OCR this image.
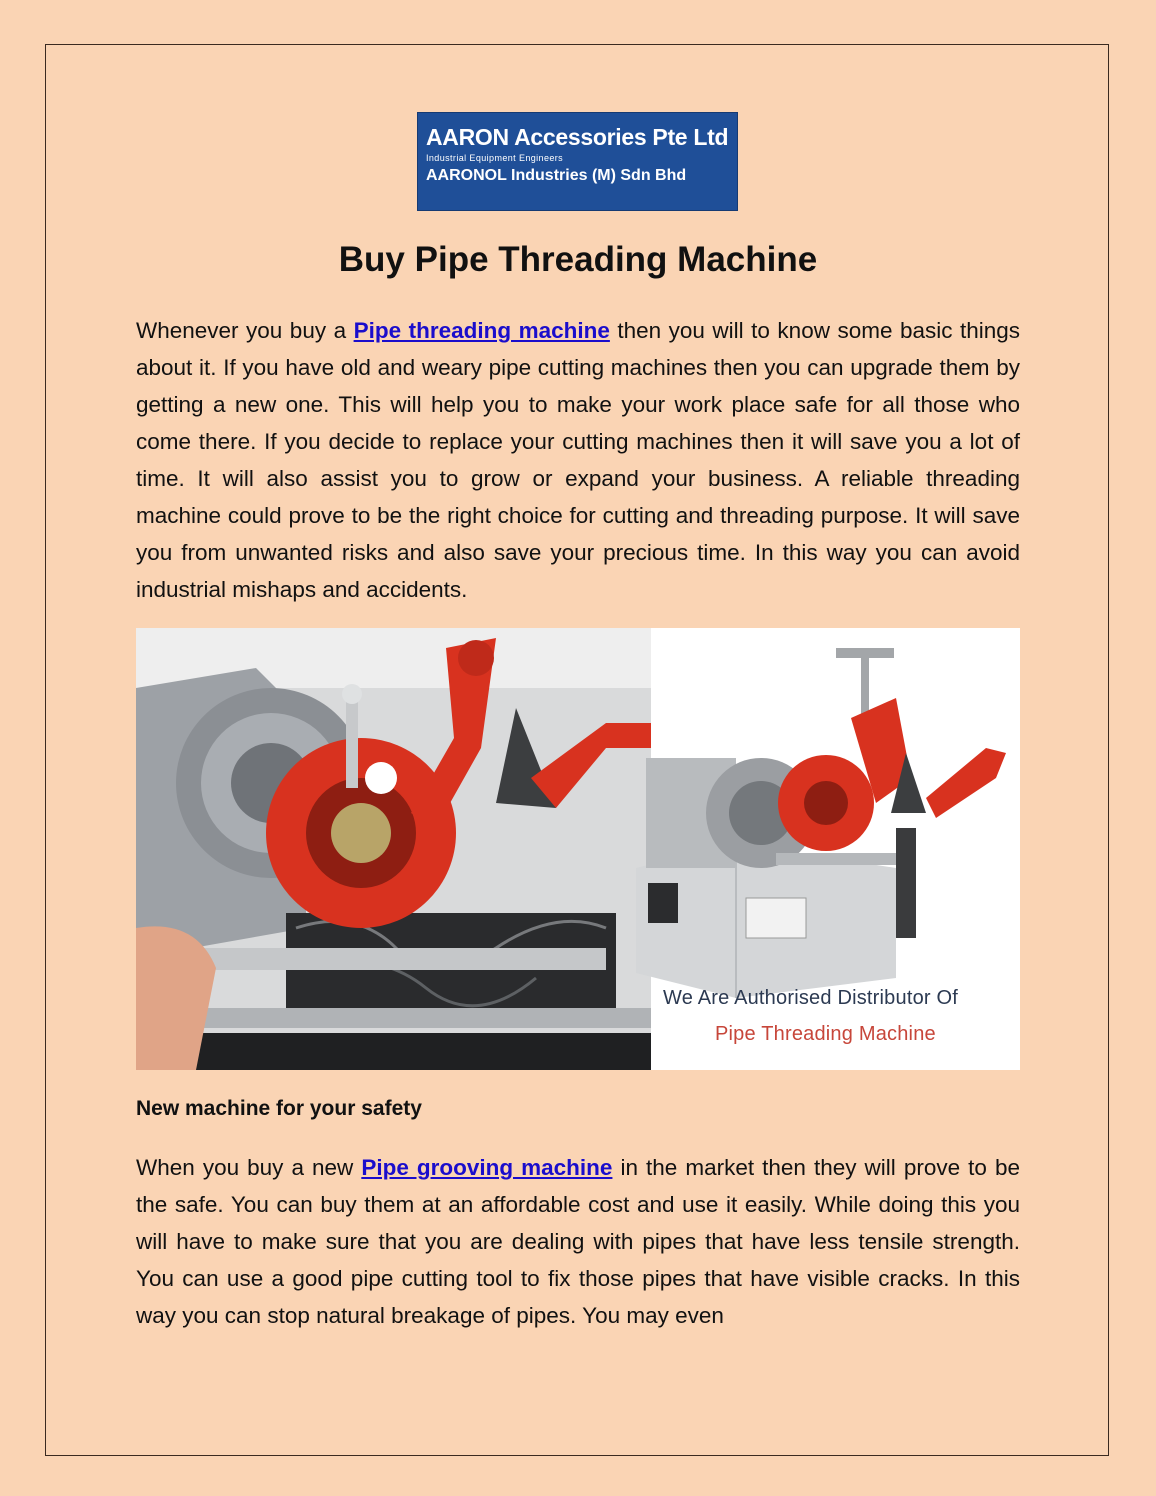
AARON Accessories Pte Ltd
Industrial Equipment Engineers
AARONOL Industries (M) Sdn Bhd
Buy Pipe Threading Machine

Whenever you buy a Pipe threading machine then you will to know some basic things about it. If you have old and weary pipe cutting machines then you can upgrade them by getting a new one. This will help you to make your work place safe for all those who come there. If you decide to replace your cutting machines then it will save you a lot of time. It will also assist you to grow or expand your business. A reliable threading machine could prove to be the right choice for cutting and threading purpose. It will save you from unwanted risks and also save your precious time. In this way you can avoid industrial mishaps and accidents.

We Are Authorised Distributor Of
Pipe Threading Machine
New machine for your safety

When you buy a new Pipe grooving machine in the market then they will prove to be the safe. You can buy them at an affordable cost and use it easily. While doing this you will have to make sure that you are dealing with pipes that have less tensile strength. You can use a good pipe cutting tool to fix those pipes that have visible cracks. In this way you can stop natural breakage of pipes. You may even
